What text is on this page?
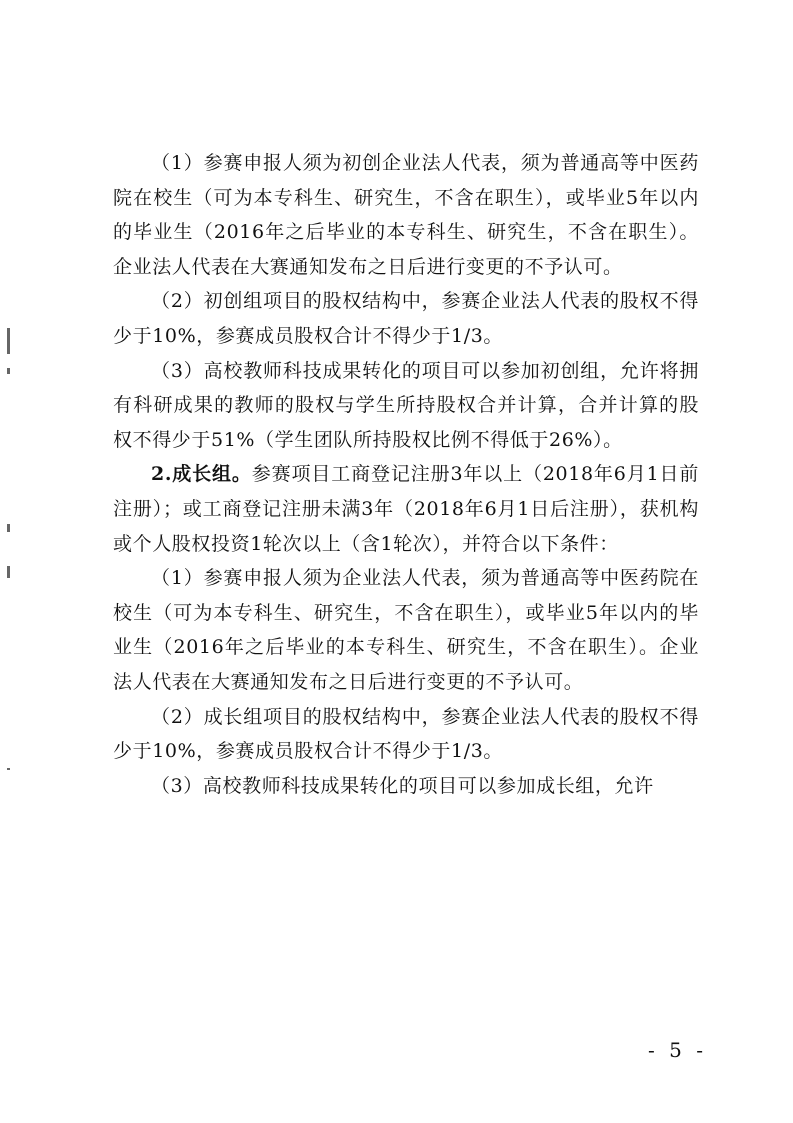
（1）参赛申报人须为初创企业法人代表，须为普通高等中医药院在校生（可为本专科生、研究生，不含在职生），或毕业5年以内的毕业生（2016年之后毕业的本专科生、研究生，不含在职生）。企业法人代表在大赛通知发布之日后进行变更的不予认可。

（2）初创组项目的股权结构中，参赛企业法人代表的股权不得少于10%，参赛成员股权合计不得少于1/3。

（3）高校教师科技成果转化的项目可以参加初创组，允许将拥有科研成果的教师的股权与学生所持股权合并计算，合并计算的股权不得少于51%（学生团队所持股权比例不得低于26%）。

2.成长组。参赛项目工商登记注册3年以上（2018年6月1日前注册）；或工商登记注册未满3年（2018年6月1日后注册），获机构或个人股权投资1轮次以上（含1轮次），并符合以下条件：

（1）参赛申报人须为企业法人代表，须为普通高等中医药院在校生（可为本专科生、研究生，不含在职生），或毕业5年以内的毕业生（2016年之后毕业的本专科生、研究生，不含在职生）。企业法人代表在大赛通知发布之日后进行变更的不予认可。

（2）成长组项目的股权结构中，参赛企业法人代表的股权不得少于10%，参赛成员股权合计不得少于1/3。

（3）高校教师科技成果转化的项目可以参加成长组，允许

- 5 -
